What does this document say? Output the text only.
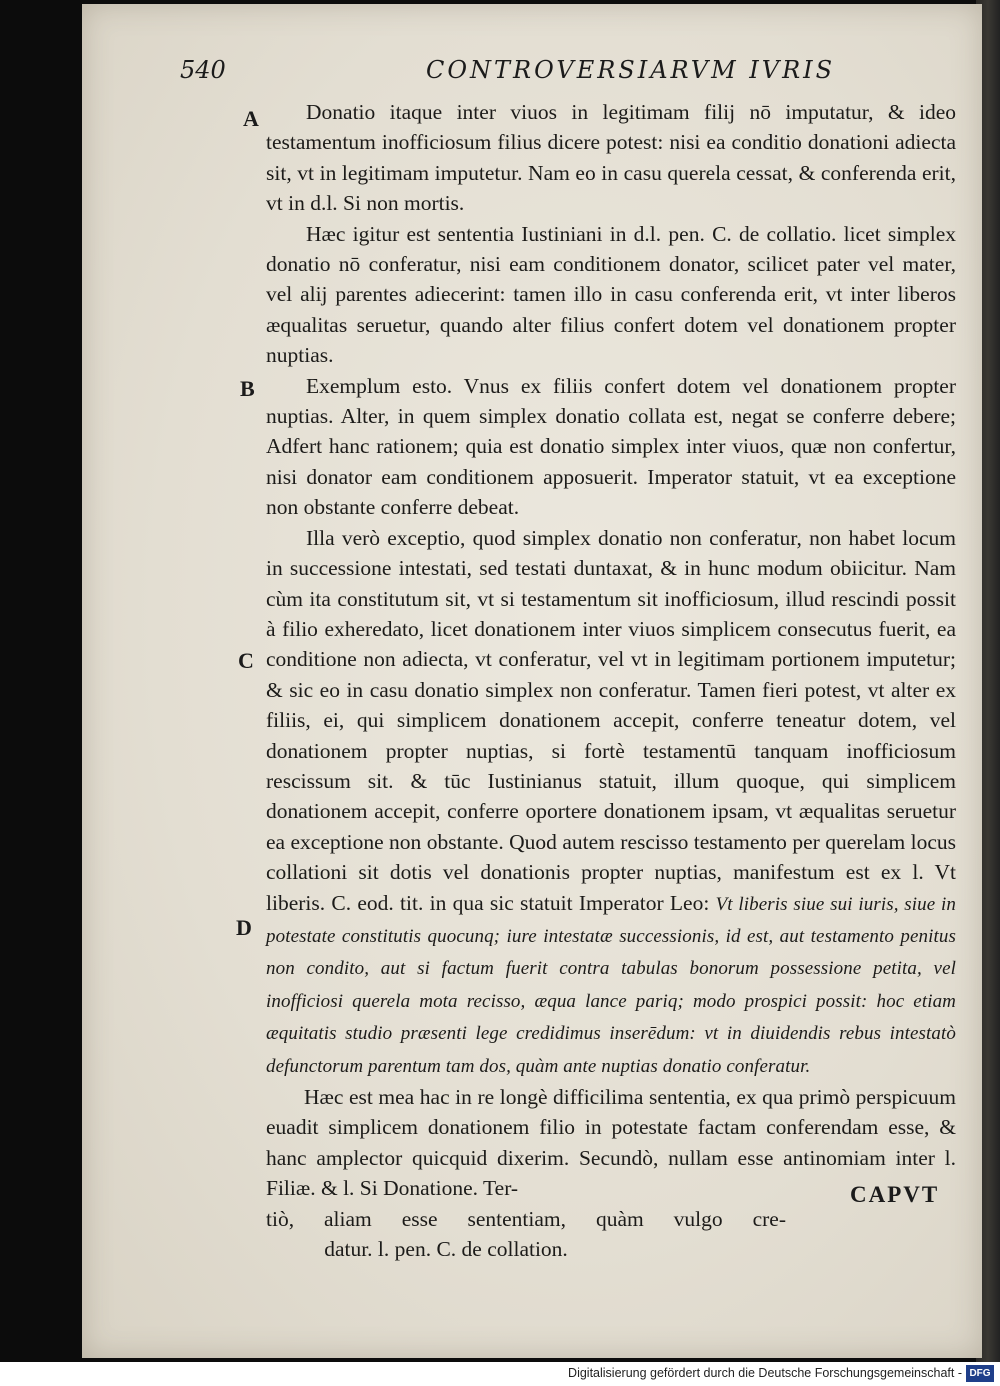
540	CONTROVERSIARVM IVRIS
A
B
C
D

Donatio itaque inter viuos in legitimam filij nō imputatur, & ideo testamentum inofficiosum filius dicere potest: nisi ea conditio donationi adiecta sit, vt in legitimam imputetur. Nam eo in casu querela cessat, & conferenda erit, vt in d.l. Si non mortis.

Hæc igitur est sententia Iustiniani in d.l. pen. C. de collatio. licet simplex donatio nō conferatur, nisi eam conditionem donator, scilicet pater vel mater, vel alij parentes adiecerint: tamen illo in casu conferenda erit, vt inter liberos æqualitas seruetur, quando alter filius confert dotem vel donationem propter nuptias.

Exemplum esto. Vnus ex filiis confert dotem vel donationem propter nuptias. Alter, in quem simplex donatio collata est, negat se conferre debere; Adfert hanc rationem; quia est donatio simplex inter viuos, quæ non confertur, nisi donator eam conditionem apposuerit. Imperator statuit, vt ea exceptione non obstante conferre debeat.

Illa verò exceptio, quod simplex donatio non conferatur, non habet locum in successione intestati, sed testati duntaxat, & in hunc modum obiicitur. Nam cùm ita constitutum sit, vt si testamentum sit inofficiosum, illud rescindi possit à filio exheredato, licet donationem inter viuos simplicem consecutus fuerit, ea conditione non adiecta, vt conferatur, vel vt in legitimam portionem imputetur; & sic eo in casu donatio simplex non conferatur. Tamen fieri potest, vt alter ex filiis, ei, qui simplicem donationem accepit, conferre teneatur dotem, vel donationem propter nuptias, si fortè testamentū tanquam inofficiosum rescissum sit. & tūc Iustinianus statuit, illum quoque, qui simplicem donationem accepit, conferre oportere donationem ipsam, vt æqualitas seruetur ea exceptione non obstante. Quod autem rescisso testamento per querelam locus collationi sit dotis vel donationis propter nuptias, manifestum est ex l. Vt liberis. C. eod. tit. in qua sic statuit Imperator Leo: Vt liberis siue sui iuris, siue in potestate constitutis quocunq; iure intestatæ successionis, id est, aut testamento penitus non condito, aut si factum fuerit contra tabulas bonorum possessione petita, vel inofficiosi querela mota recisso, æqua lance pariq; modo prospici possit: hoc etiam æquitatis studio præsenti lege credidimus inserēdum: vt in diuidendis rebus intestatò defunctorum parentum tam dos, quàm ante nuptias donatio conferatur.

Hæc est mea hac in re longè difficilima sententia, ex qua primò perspicuum euadit simplicem donationem filio in potestate factam conferendam esse, & hanc amplector quicquid dixerim. Secundò, nullam esse antinomiam inter l. Filiæ. & l. Si Donatione. Ter-

tiò, aliam esse sententiam, quàm vulgo cre-

datur. l. pen. C. de collation.

CAPVT
Digitalisierung gefördert durch die Deutsche Forschungsgemeinschaft - DFG
